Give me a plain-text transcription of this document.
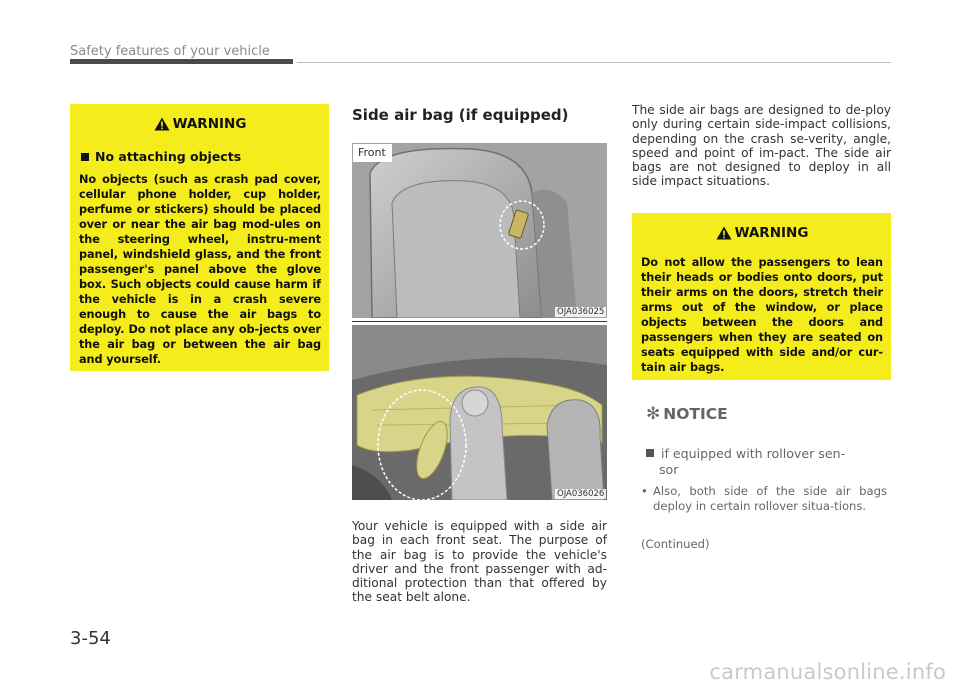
Safety features of your vehicle
WARNING
No attaching objects
No objects (such as crash pad cover, cellular phone holder, cup holder, perfume or stickers) should be placed over or near the air bag mod-ules on the steering wheel, instru-ment panel, windshield glass, and the front passenger's panel above the glove box. Such objects could cause harm if the vehicle is in a crash severe enough to cause the air bags to deploy. Do not place any ob-jects over the air bag or between the air bag and yourself.
Side air bag (if equipped)
Front
OJA036025
OJA036026
Your vehicle is equipped with a side air bag in each front seat. The purpose of the air bag is to provide the vehicle's driver and the front passenger with ad-ditional protection than that offered by the seat belt alone.
The side air bags are designed to de-ploy only during certain side-impact collisions, depending on the crash se-verity, angle, speed and point of im-pact. The side air bags are not designed to deploy in all side impact situations.
WARNING
Do not allow the passengers to lean their heads or bodies onto doors, put their arms on the doors, stretch their arms out of the window, or place objects between the doors and passengers when they are seated on seats equipped with side and/or cur-tain air bags.
✻ NOTICE
if equipped with rollover sen-
sor
• Also, both side of the side air bags deploy in certain rollover situa-tions.
(Continued)
3-54
carmanualsonline.info
